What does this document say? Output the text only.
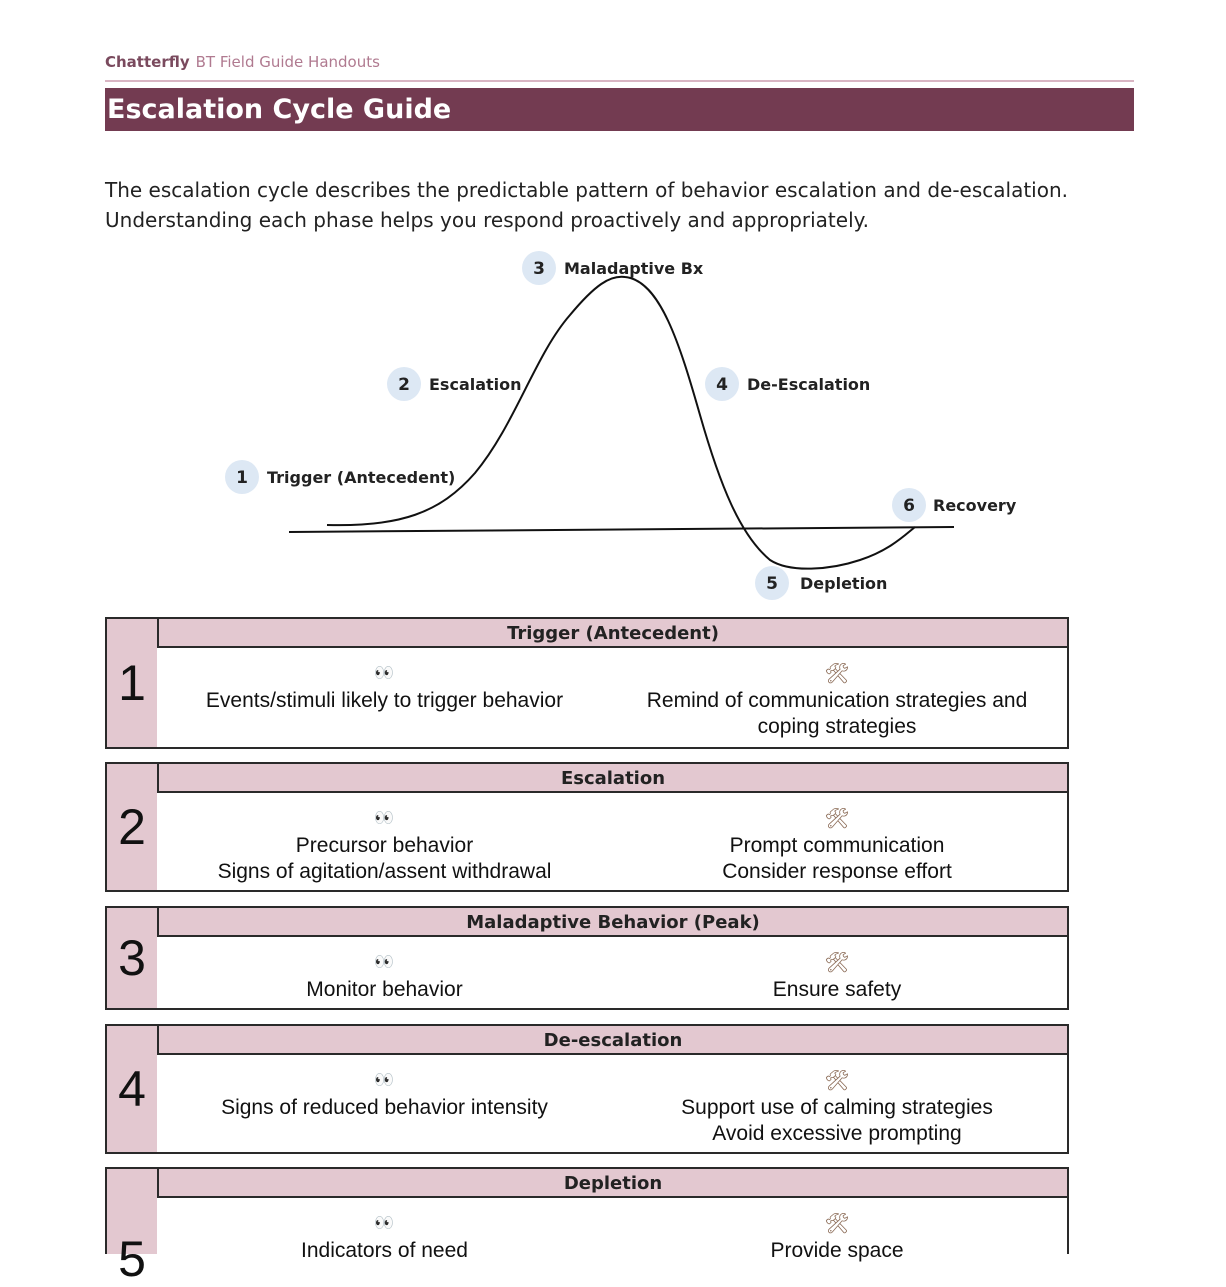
Chatterfly BT Field Guide Handouts
Escalation Cycle Guide
The escalation cycle describes the predictable pattern of behavior escalation and de-escalation.
Understanding each phase helps you respond proactively and appropriately.
1 Trigger (Antecedent)
2 Escalation
3 Maladaptive Bx
4 De-Escalation
5 Depletion
6 Recovery
1
Trigger (Antecedent)
👀
Events/stimuli likely to trigger behavior
🛠
Remind of communication strategies and
coping strategies
2
Escalation
👀
Precursor behavior
Signs of agitation/assent withdrawal
🛠
Prompt communication
Consider response effort
3
Maladaptive Behavior (Peak)
👀
Monitor behavior
🛠
Ensure safety
4
De-escalation
👀
Signs of reduced behavior intensity
🛠
Support use of calming strategies
Avoid excessive prompting
5
Depletion
👀
Indicators of need
🛠
Provide space
